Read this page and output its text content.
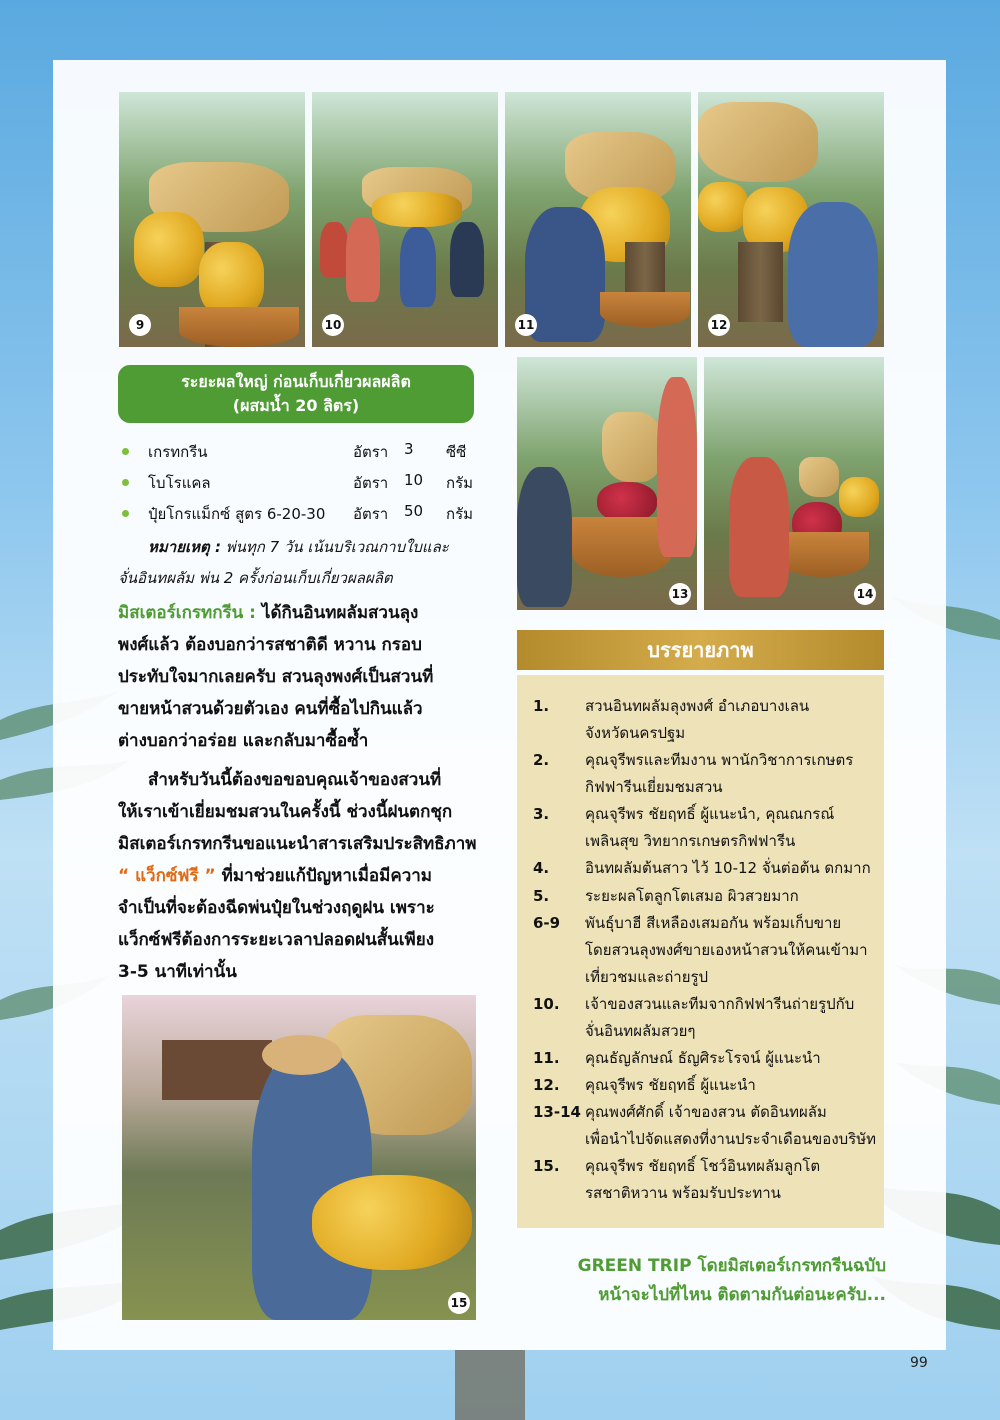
9	10	11	12
13	14
ระยะผลใหญ่ ก่อนเก็บเกี่ยวผลผลิต
(ผสมน้ำ 20 ลิตร)
เกรทกรีน	อัตรา 3 ซีซี
โบโรแคล	อัตรา 10 กรัม
ปุ๋ยโกรแม็กซ์ สูตร 6-20-30 อัตรา 50 กรัม
หมายเหตุ : พ่นทุก 7 วัน เน้นบริเวณกาบใบและ
จั่นอินทผลัม พ่น 2 ครั้งก่อนเก็บเกี่ยวผลผลิต
มิสเตอร์เกรทกรีน : ได้กินอินทผลัมสวนลุง
พงศ์แล้ว ต้องบอกว่ารสชาติดี หวาน กรอบ
ประทับใจมากเลยครับ สวนลุงพงศ์เป็นสวนที่
ขายหน้าสวนด้วยตัวเอง คนที่ซื้อไปกินแล้ว
ต่างบอกว่าอร่อย และกลับมาซื้อซ้ำ
สำหรับวันนี้ต้องขอขอบคุณเจ้าของสวนที่
ให้เราเข้าเยี่ยมชมสวนในครั้งนี้ ช่วงนี้ฝนตกชุก
มิสเตอร์เกรทกรีนขอแนะนำสารเสริมประสิทธิภาพ
“ แว็กซ์ฟรี ” ที่มาช่วยแก้ปัญหาเมื่อมีความ
จำเป็นที่จะต้องฉีดพ่นปุ๋ยในช่วงฤดูฝน เพราะ
แว็กซ์ฟรีต้องการระยะเวลาปลอดฝนสั้นเพียง
3-5 นาทีเท่านั้น
15
บรรยายภาพ
1.	สวนอินทผลัมลุงพงศ์ อำเภอบางเลน
จังหวัดนครปฐม
2.	คุณจุรีพรและทีมงาน พานักวิชาการเกษตร
กิฟฟารีนเยี่ยมชมสวน
3.	คุณจุรีพร ชัยฤทธิ์ ผู้แนะนำ, คุณณกรณ์
เพลินสุข วิทยากรเกษตรกิฟฟารีน
4.	อินทผลัมต้นสาว ไว้ 10-12 จั่นต่อต้น ดกมาก
5.	ระยะผลโตลูกโตเสมอ ผิวสวยมาก
6-9	พันธุ์บาฮี สีเหลืองเสมอกัน พร้อมเก็บขาย
โดยสวนลุงพงศ์ขายเองหน้าสวนให้คนเข้ามา
เที่ยวชมและถ่ายรูป
10.	เจ้าของสวนและทีมจากกิฟฟารีนถ่ายรูปกับ
จั่นอินทผลัมสวยๆ
11.	คุณธัญลักษณ์ ธัญศิระโรจน์ ผู้แนะนำ
12.	คุณจุรีพร ชัยฤทธิ์ ผู้แนะนำ
13-14 คุณพงศ์ศักดิ์ เจ้าของสวน ตัดอินทผลัม
เพื่อนำไปจัดแสดงที่งานประจำเดือนของบริษัท
15.	คุณจุรีพร ชัยฤทธิ์ โชว์อินทผลัมลูกโต
รสชาติหวาน พร้อมรับประทาน
GREEN TRIP โดยมิสเตอร์เกรทกรีนฉบับ
หน้าจะไปที่ไหน ติดตามกันต่อนะครับ...
99
